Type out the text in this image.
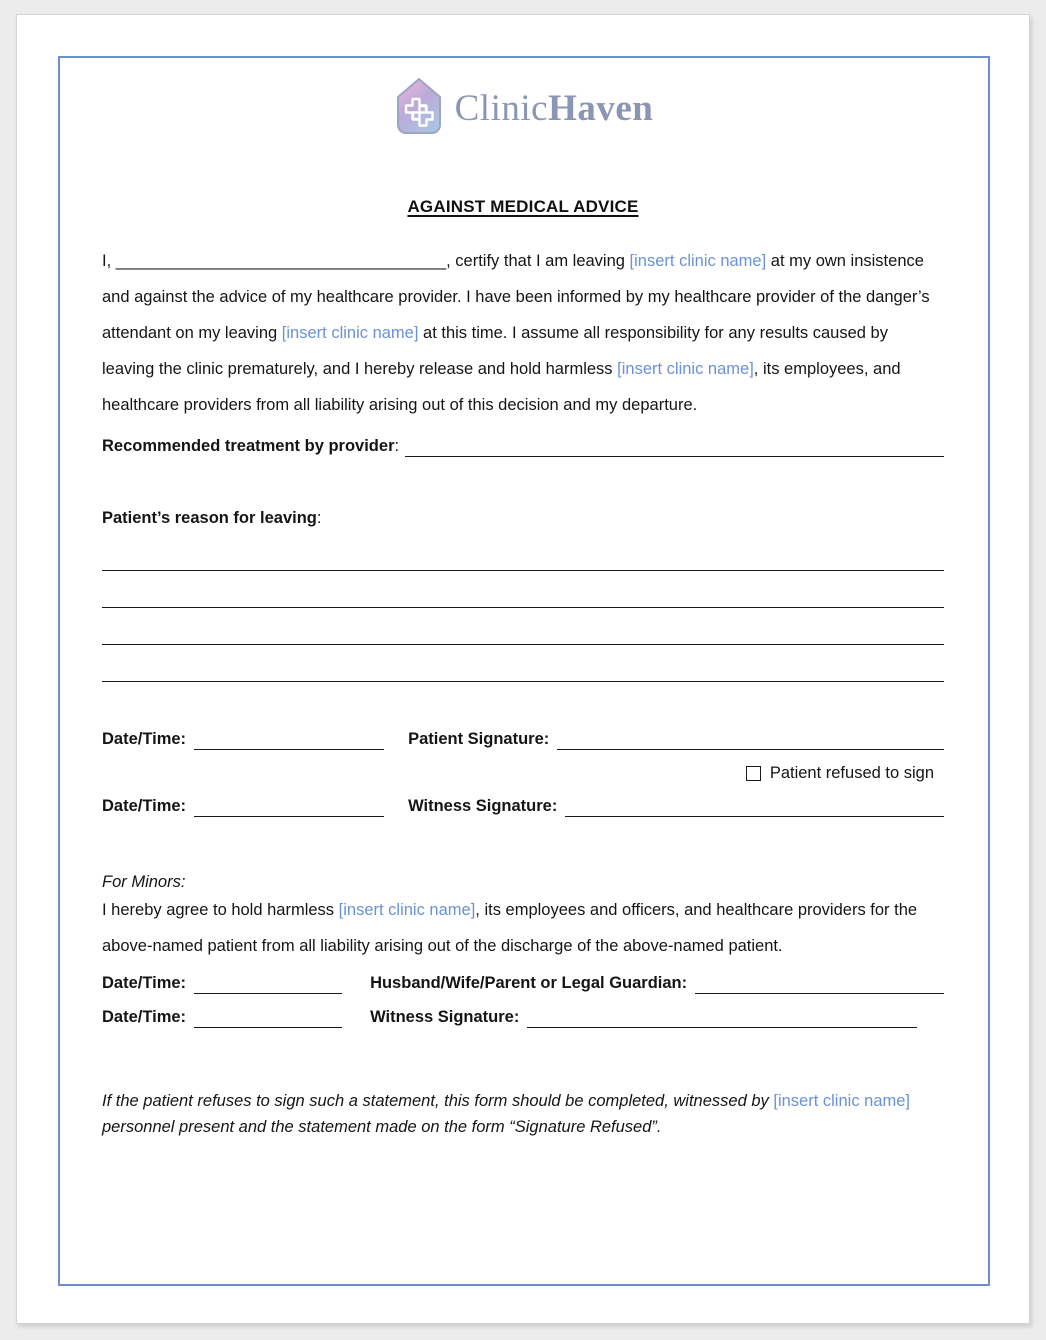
ClinicHaven
AGAINST MEDICAL ADVICE
I, ____________________________________, certify that I am leaving [insert clinic name] at my own insistence and against the advice of my healthcare provider. I have been informed by my healthcare provider of the danger’s attendant on my leaving [insert clinic name] at this time. I assume all responsibility for any results caused by leaving the clinic prematurely, and I hereby release and hold harmless [insert clinic name], its employees, and healthcare providers from all liability arising out of this decision and my departure.
Recommended treatment by provider:
Patient’s reason for leaving:
Date/Time:	Patient Signature:
Patient refused to sign
Date/Time:	Witness Signature:
For Minors:
I hereby agree to hold harmless [insert clinic name], its employees and officers, and healthcare providers for the above-named patient from all liability arising out of the discharge of the above-named patient.
Date/Time:	Husband/Wife/Parent or Legal Guardian:
Date/Time:	Witness Signature:
If the patient refuses to sign such a statement, this form should be completed, witnessed by [insert clinic name] personnel present and the statement made on the form “Signature Refused”.
